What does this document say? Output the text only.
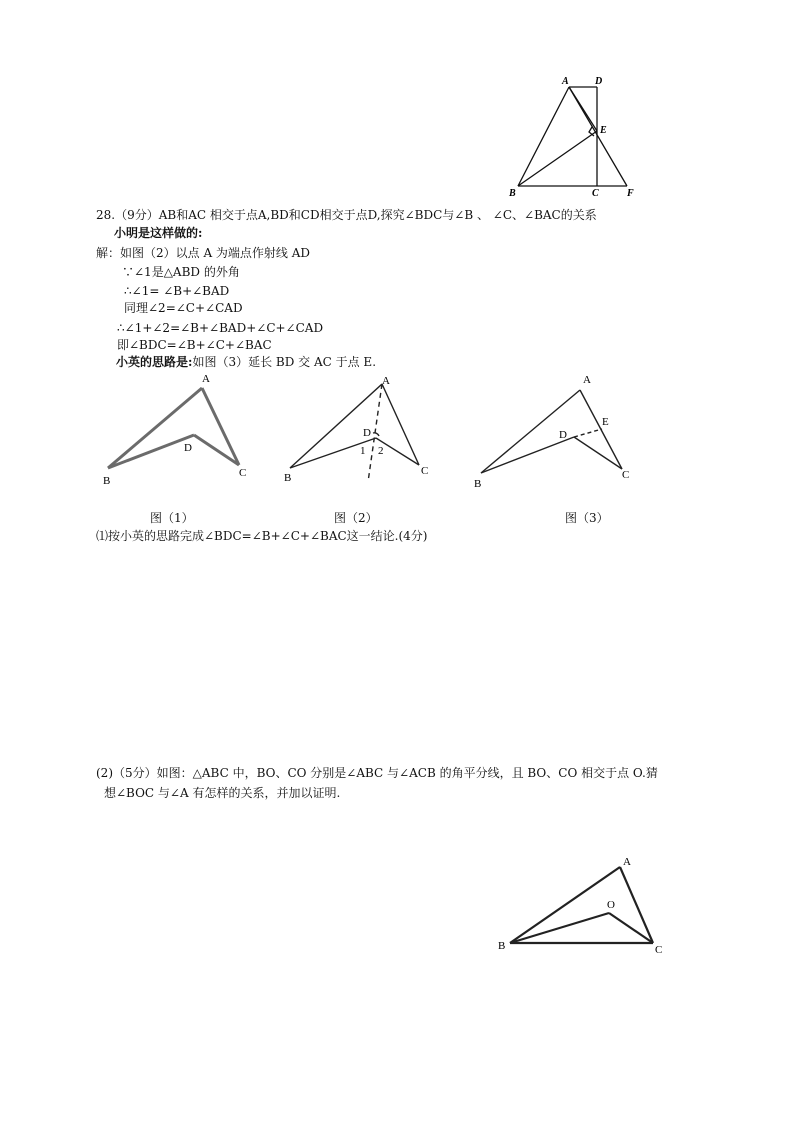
A	D
E
B	C	F
28.（9分）AB和AC 相交于点A,BD和CD相交于点D,探究∠BDC与∠B 、 ∠C、∠BAC的关系
小明是这样做的:
解：如图（2）以点 A 为端点作射线 AD
∵∠1是△ABD 的外角
∴∠1= ∠B+∠BAD
同理∠2=∠C+∠CAD
∴∠1+∠2=∠B+∠BAD+∠C+∠CAD
即∠BDC=∠B+∠C+∠BAC
小英的思路是:如图（3）延长 BD 交 AC 于点 E.
A
B
C
D
A
B
C
D
1 2
A
B
C
D
E
图（1）	图（2）	图（3）
⑴按小英的思路完成∠BDC=∠B+∠C+∠BAC这一结论.(4分)
(2)（5分）如图：△ABC 中，BO、CO 分别是∠ABC 与∠ACB 的角平分线，且 BO、CO 相交于点 O.猜
想∠BOC 与∠A 有怎样的关系，并加以证明.
A
O
B	C
